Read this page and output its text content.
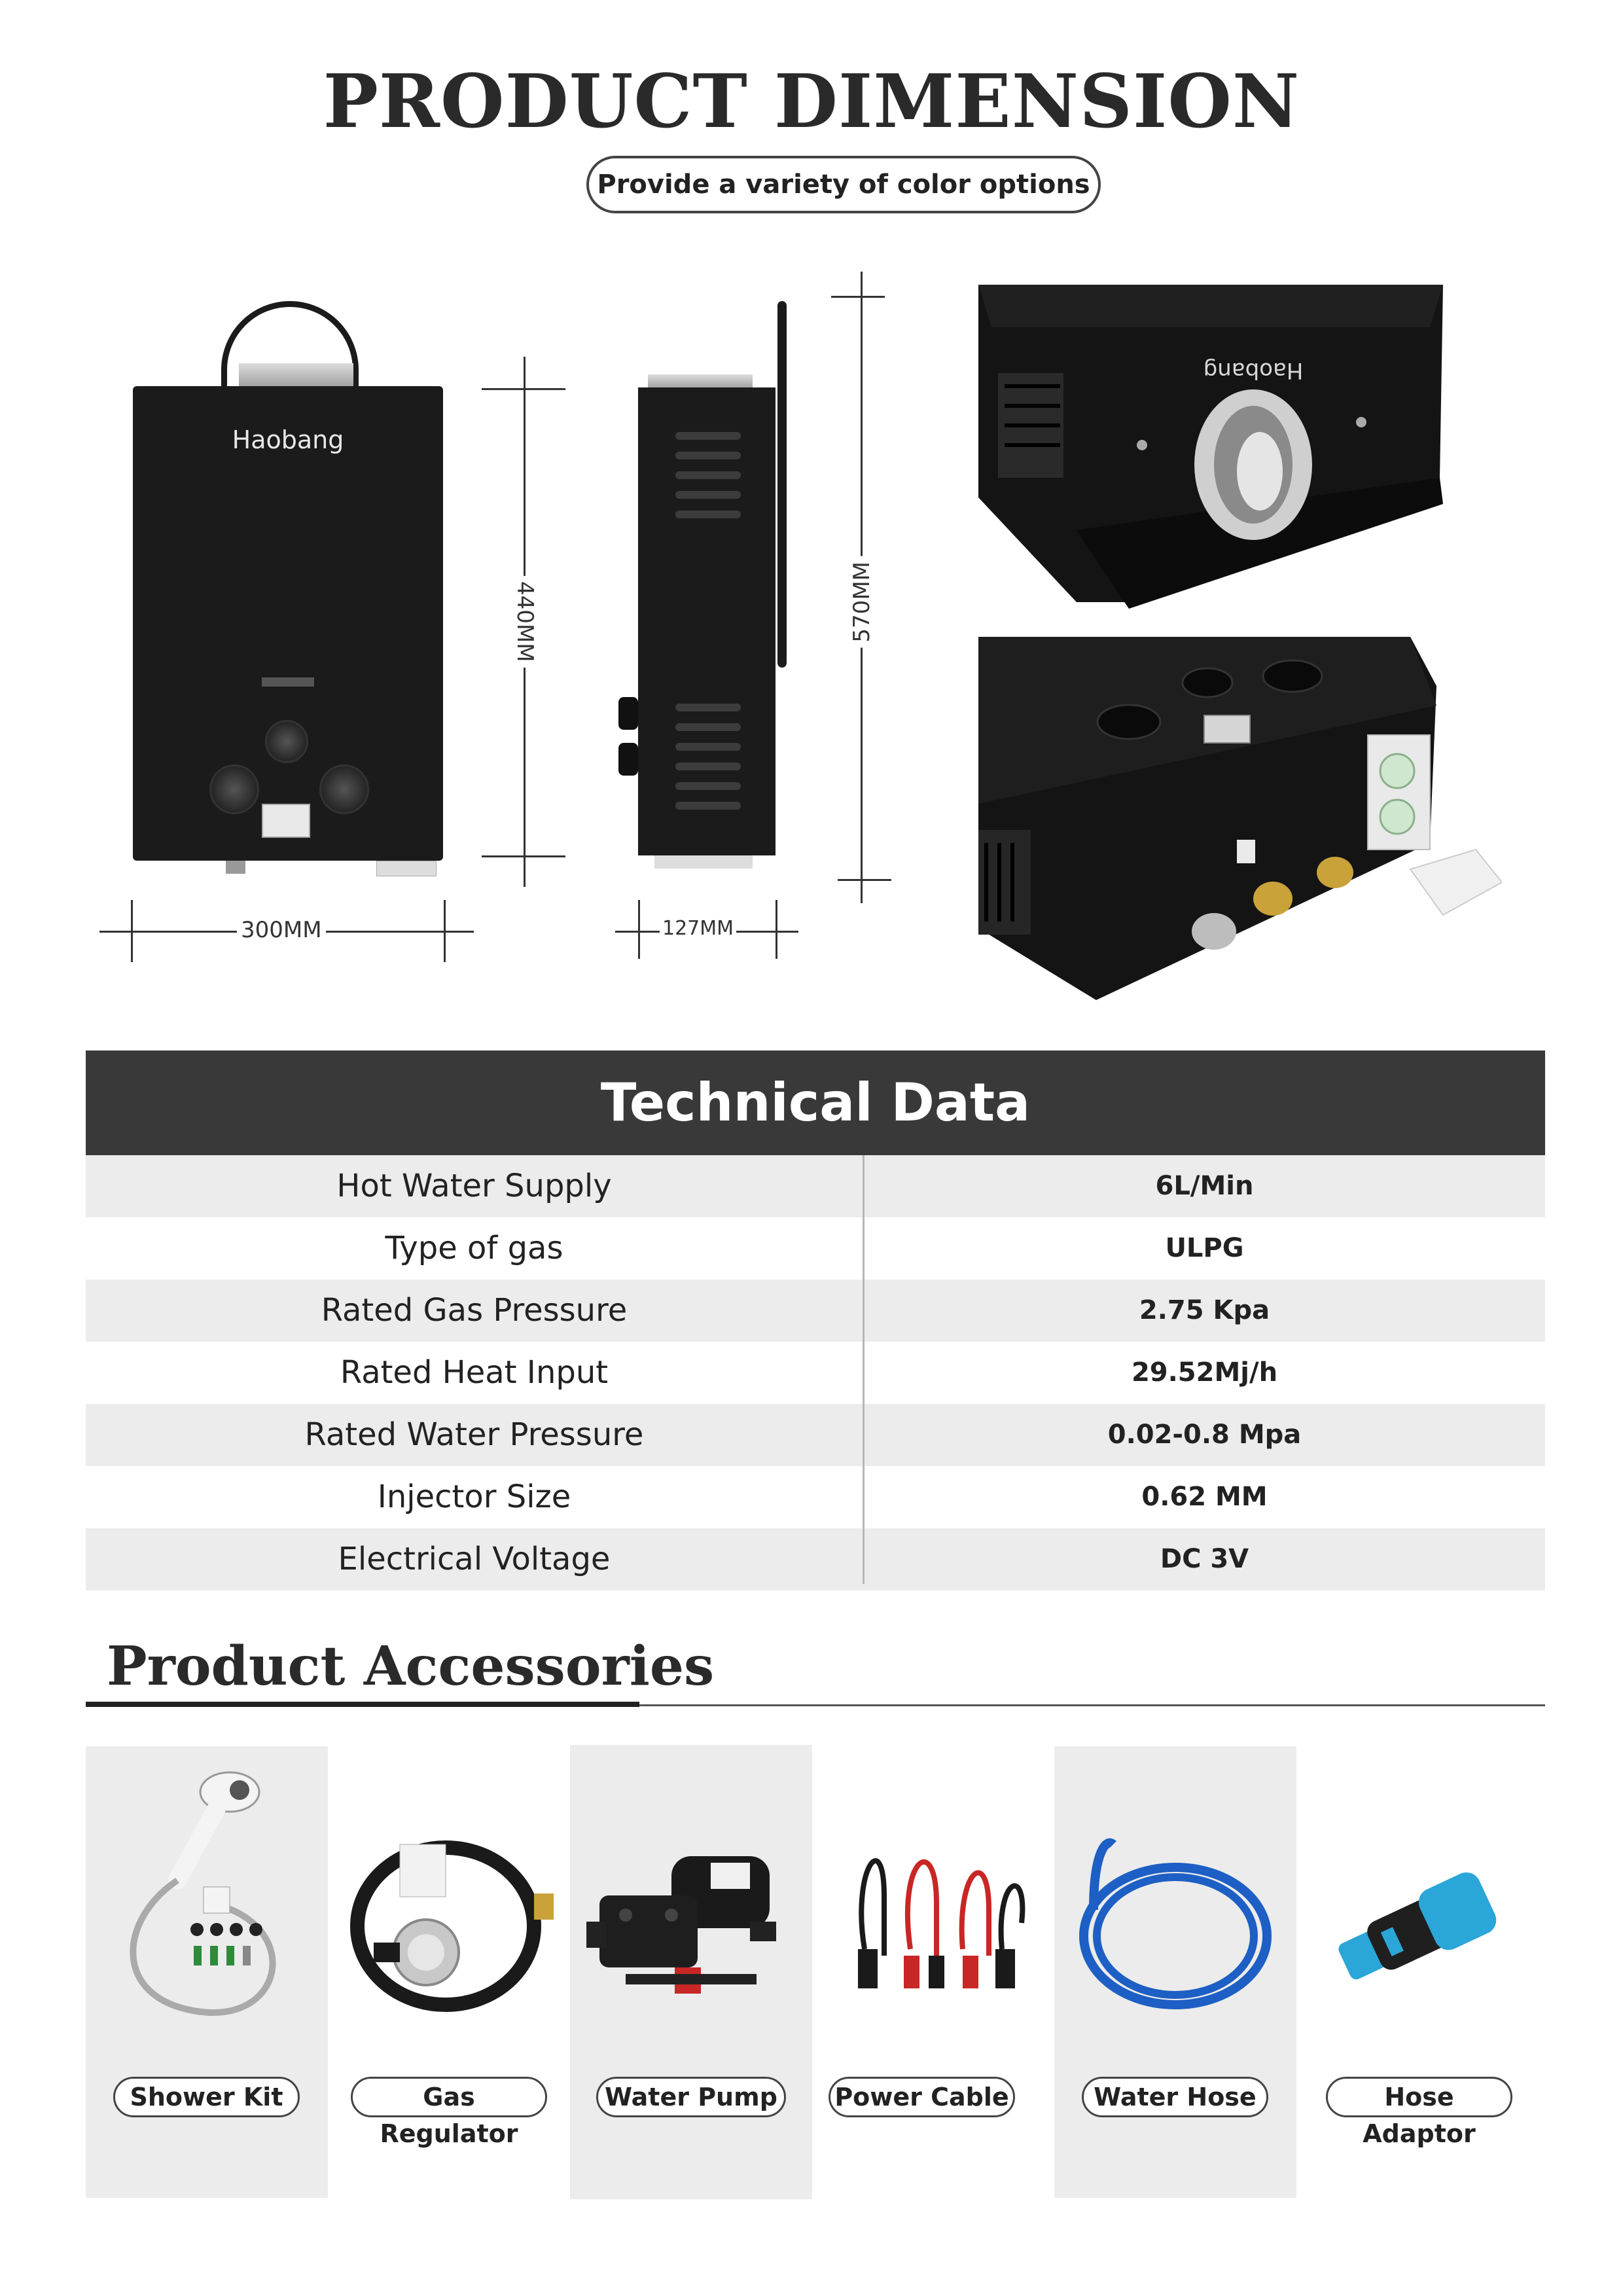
PRODUCT DIMENSION
Provide a variety of color options
Haobang
440MM
300MM	127MM
570MM
Haobang
Technical Data
Hot Water Supply	6L/Min
Type of gas	ULPG
Rated Gas Pressure	2.75 Kpa
Rated Heat Input	29.52Mj/h
Rated Water Pressure	0.02-0.8 Mpa
Injector Size	0.62 MM
Electrical Voltage	DC 3V
Product Accessories
Shower Kit	Gas Regulator
Water Pump	Power Cable	Water Hose	Hose Adaptor
